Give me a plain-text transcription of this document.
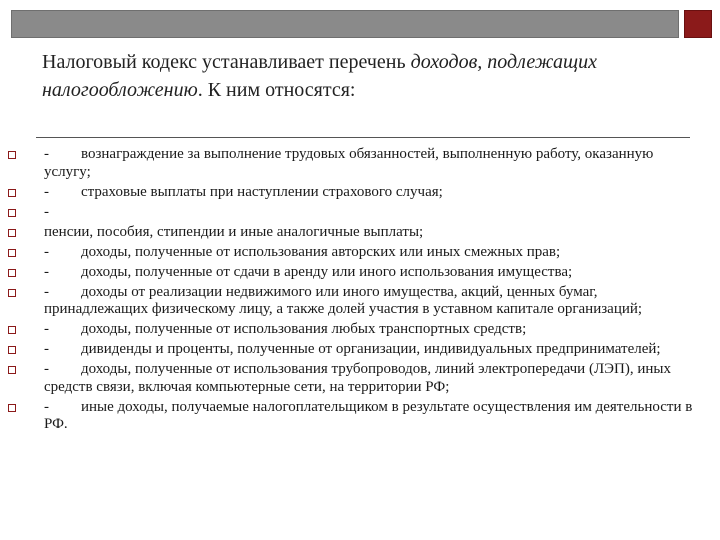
Налоговый кодекс устанавливает перечень доходов, подлежащих налогообложению. К ним относятся:
- вознаграждение за выполнение трудовых обязанностей, выполненную работу, оказанную услугу;
- страховые выплаты при наступлении страхового случая;
-
пенсии, пособия, стипендии и иные аналогичные выплаты;
- доходы, полученные от использования авторских или иных смежных прав;
- доходы, полученные от сдачи в аренду или иного использования имущества;
- доходы от реализации недвижимого или иного имущества, акций, ценных бумаг, принадлежащих физическому лицу, а также долей участия в уставном капитале организаций;
- доходы, полученные от использования любых транспортных средств;
- дивиденды и проценты, полученные от организации, индивидуальных предпринимателей;
- доходы, полученные от использования трубопроводов, линий электропередачи (ЛЭП), иных средств связи, включая компьютерные сети, на территории РФ;
- иные доходы, получаемые налогоплательщиком в результате осуществления им деятельности в РФ.
